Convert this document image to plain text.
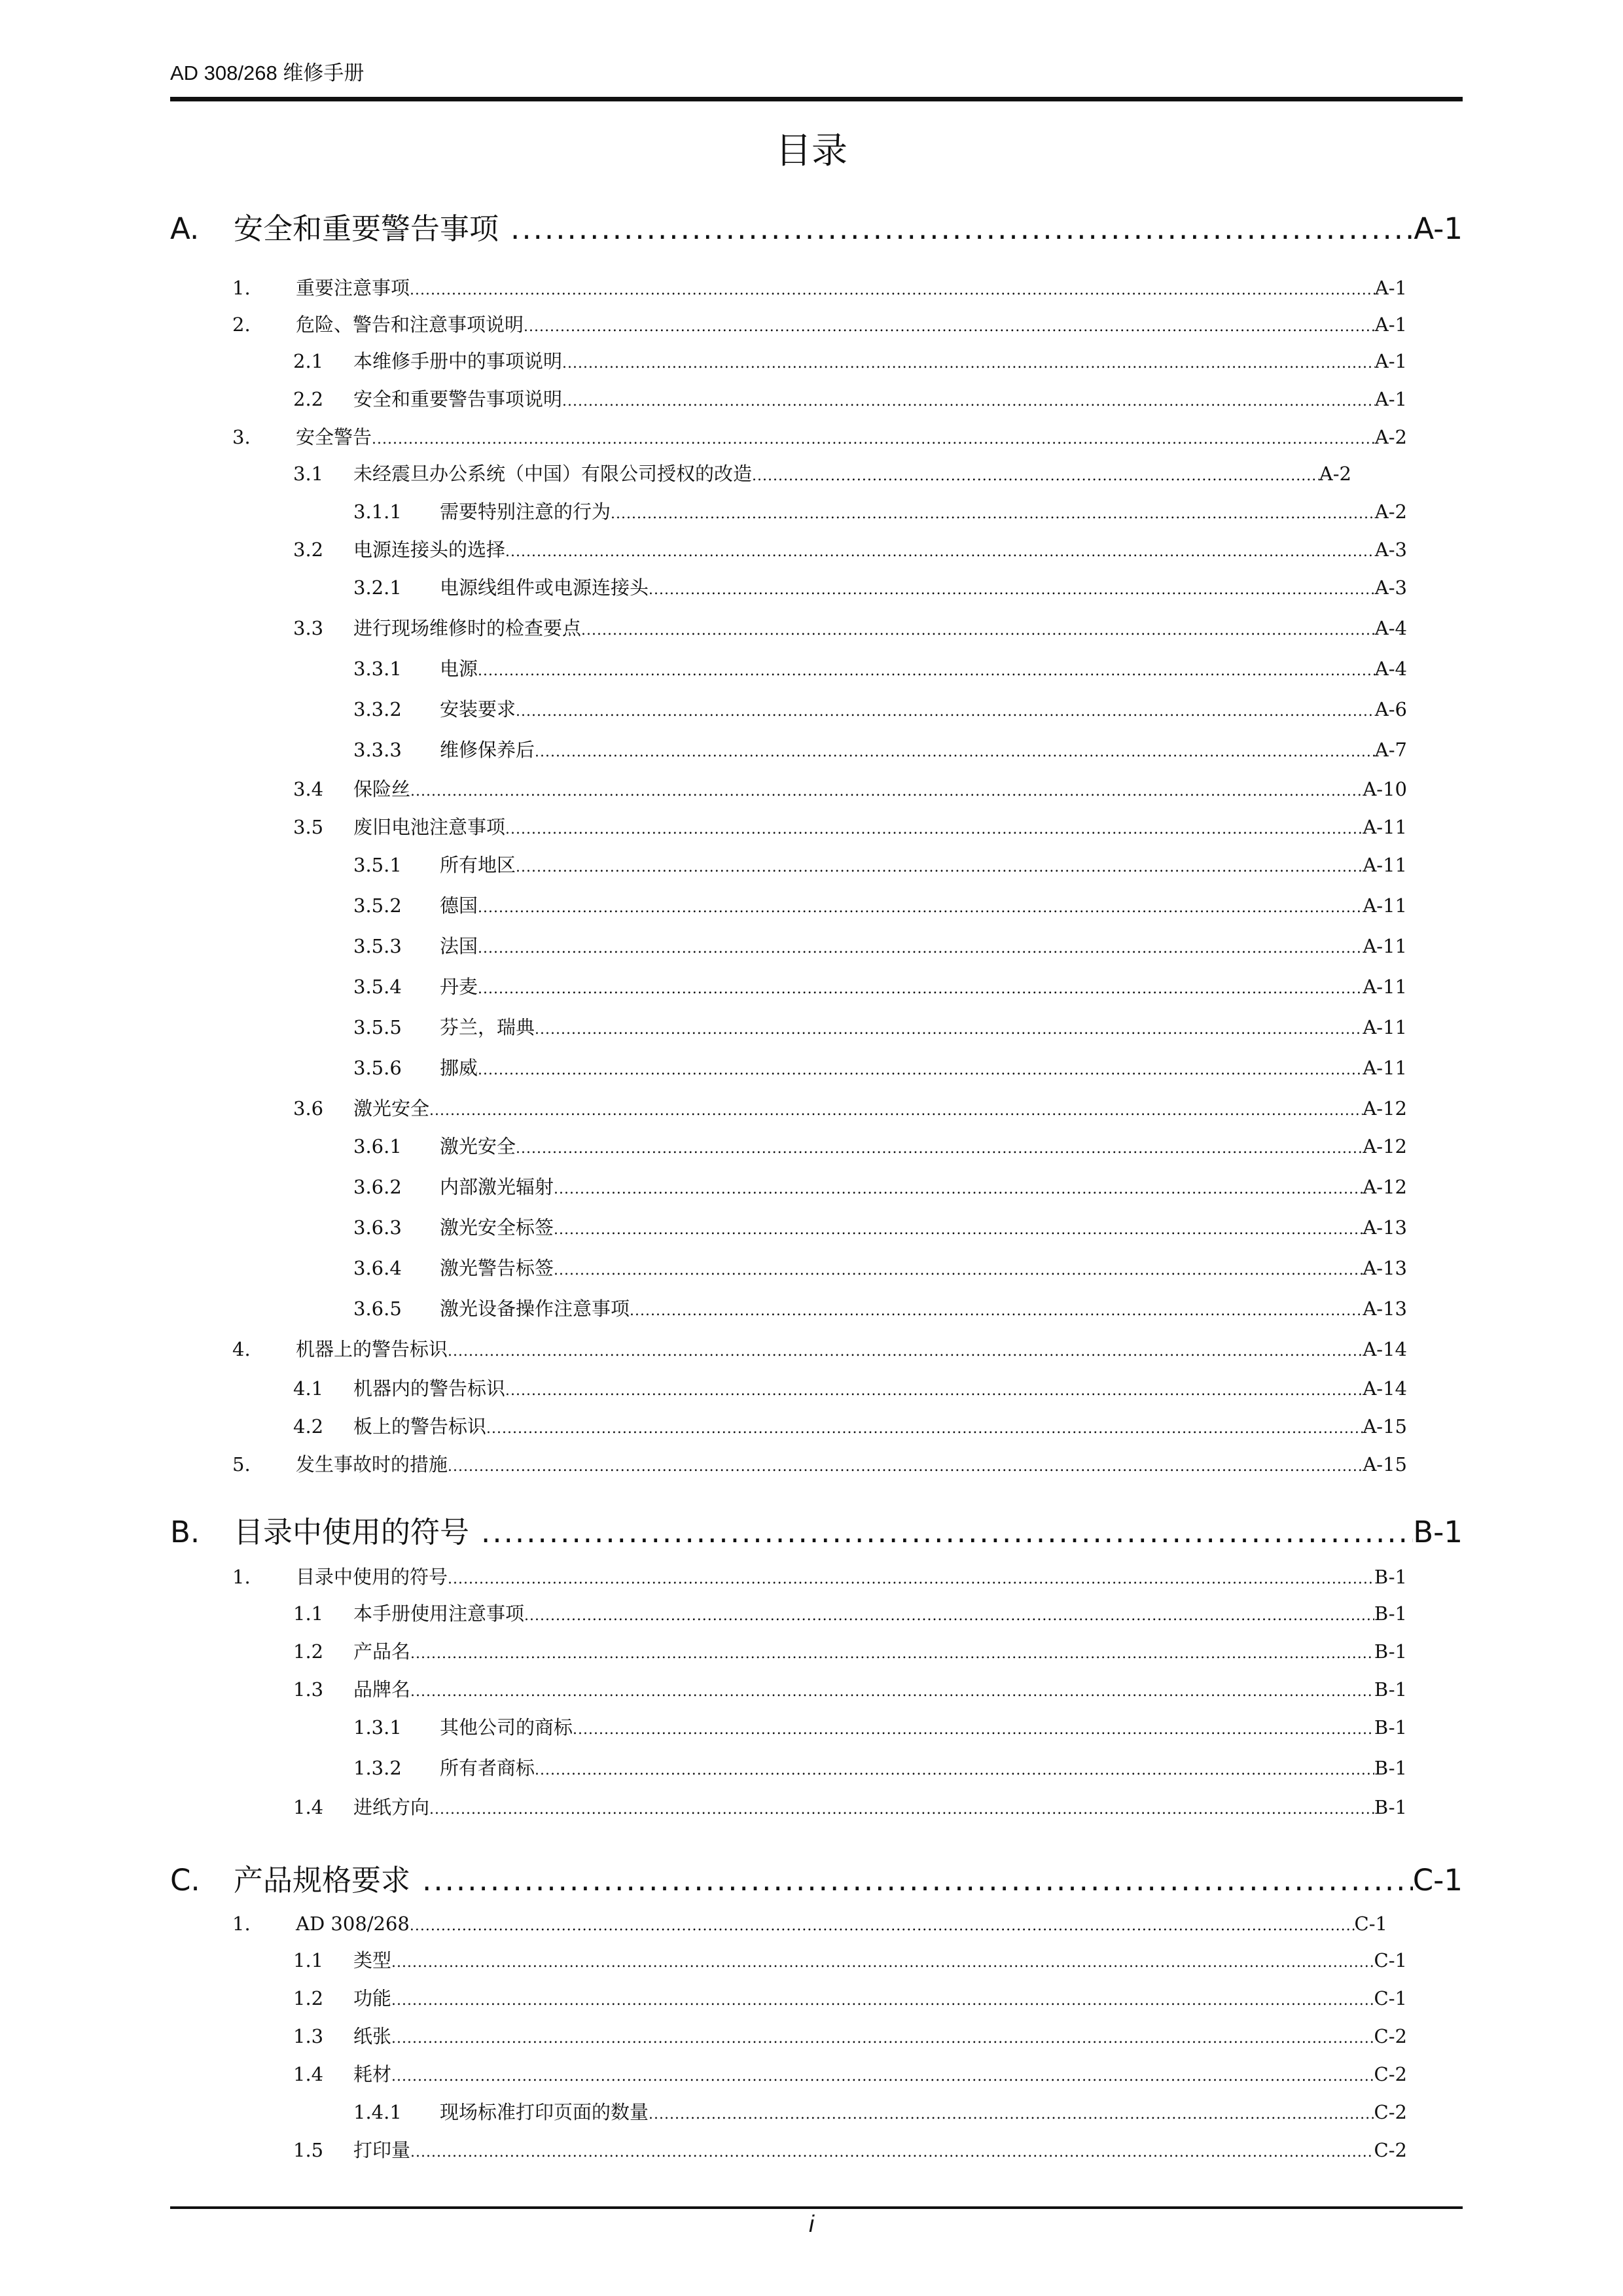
AD 308/268 维修手册
目录
A.	安全和重要警告事项 .....	A-1
1.	重要注意事项 .....	A-1
2.	危险、警告和注意事项说明 .....	A-1
2.1	本维修手册中的事项说明 .....	A-1
2.2	安全和重要警告事项说明 .....	A-1
3.	安全警告 .....	A-2
3.1	未经震旦办公系统（中国）有限公司授权的改造 .....	A-2
3.1.1	需要特别注意的行为 .....	A-2
3.2	电源连接头的选择 .....	A-3
3.2.1	电源线组件或电源连接头 .....	A-3
3.3	进行现场维修时的检查要点 .....	A-4
3.3.1	电源 .....	A-4
3.3.2	安装要求 .....	A-6
3.3.3	维修保养后 .....	A-7
3.4	保险丝 .....	A-10
3.5	废旧电池注意事项 .....	A-11
3.5.1	所有地区 .....	A-11
3.5.2	德国 .....	A-11
3.5.3	法国 .....	A-11
3.5.4	丹麦 .....	A-11
3.5.5	芬兰，瑞典 .....	A-11
3.5.6	挪威 .....	A-11
3.6	激光安全 .....	A-12
3.6.1	激光安全 .....	A-12
3.6.2	内部激光辐射 .....	A-12
3.6.3	激光安全标签 .....	A-13
3.6.4	激光警告标签 .....	A-13
3.6.5	激光设备操作注意事项 .....	A-13
4.	机器上的警告标识 .....	A-14
4.1	机器内的警告标识 .....	A-14
4.2	板上的警告标识 .....	A-15
5.	发生事故时的措施 .....	A-15
B.	目录中使用的符号 .....	B-1
1.	目录中使用的符号 .....	B-1
1.1	本手册使用注意事项 .....	B-1
1.2	产品名 .....	B-1
1.3	品牌名 .....	B-1
1.3.1	其他公司的商标 .....	B-1
1.3.2	所有者商标 .....	B-1
1.4	进纸方向 .....	B-1
C.	产品规格要求 .....	C-1
1.	AD 308/268 .....	C-1
1.1	类型 .....	C-1
1.2	功能 .....	C-1
1.3	纸张 .....	C-2
1.4	耗材 .....	C-2
1.4.1	现场标准打印页面的数量 .....	C-2
1.5	打印量 .....	C-2
i
